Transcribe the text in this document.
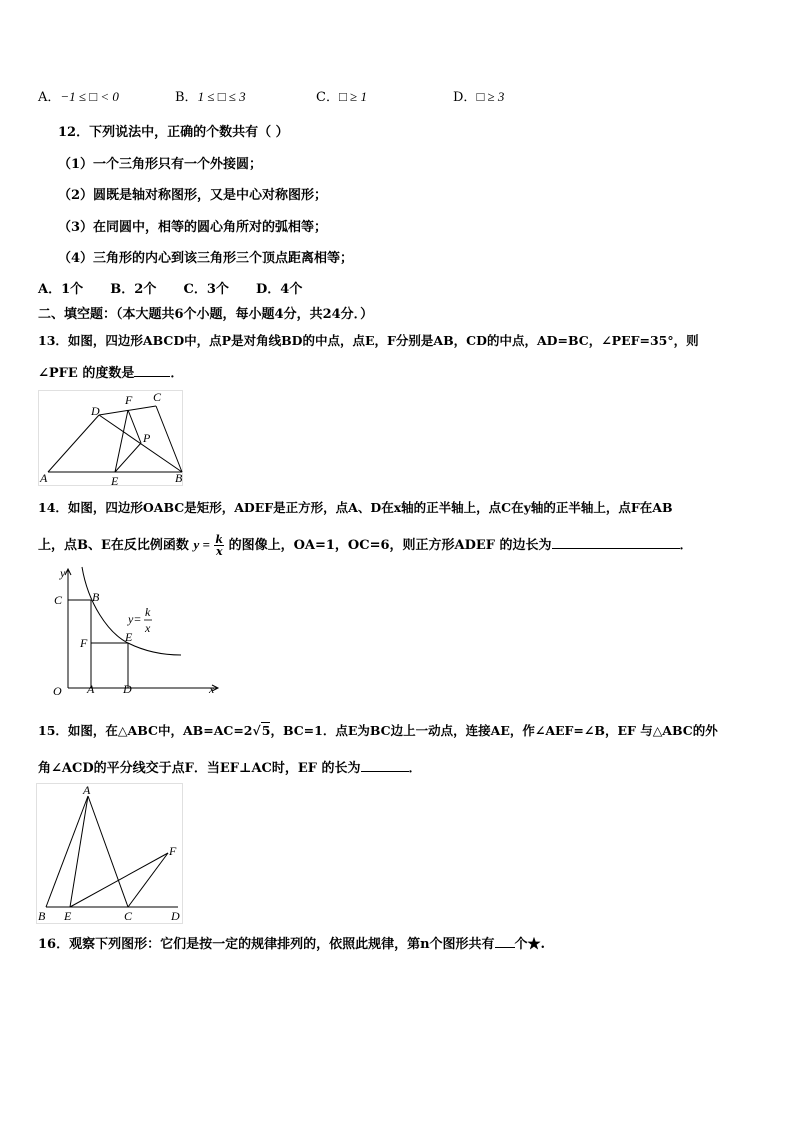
A．−1 ≤ □ < 0	B．1 ≤ □ ≤ 3	C．□ ≥ 1	D．□ ≥ 3
12．下列说法中，正确的个数共有（ ）
（1）一个三角形只有一个外接圆；
（2）圆既是轴对称图形，又是中心对称图形；
（3）在同圆中，相等的圆心角所对的弧相等；
（4）三角形的内心到该三角形三个顶点距离相等；
A．1个      B．2个      C．3个      D．4个
二、填空题：（本大题共6个小题，每小题4分，共24分．）
13．如图，四边形ABCD中，点P是对角线BD的中点，点E，F分别是AB，CD的中点，AD=BC，∠PEF=35°，则
∠PFE 的度数是	．
A	B
C
D
E
F
P
14．如图，四边形OABC是矩形，ADEF是正方形，点A、D在x轴的正半轴上，点C在y轴的正半轴上，点F在AB
上，点B、E在反比例函数 $y = \frac{k}{x}$ 的图像上，OA=1，OC=6，则正方形ADEF 的边长为	．
y
x
O A D
C B
F	E
y= k
x
15．如图，在△ABC中，AB=AC=2√5，BC=1．点E为BC边上一动点，连接AE，作∠AEF=∠B，EF 与△ABC的外
角∠ACD的平分线交于点F．当EF⊥AC时，EF 的长为	．
A
B E	C	D
F
16．观察下列图形：它们是按一定的规律排列的，依照此规律，第n个图形共有 个★.
